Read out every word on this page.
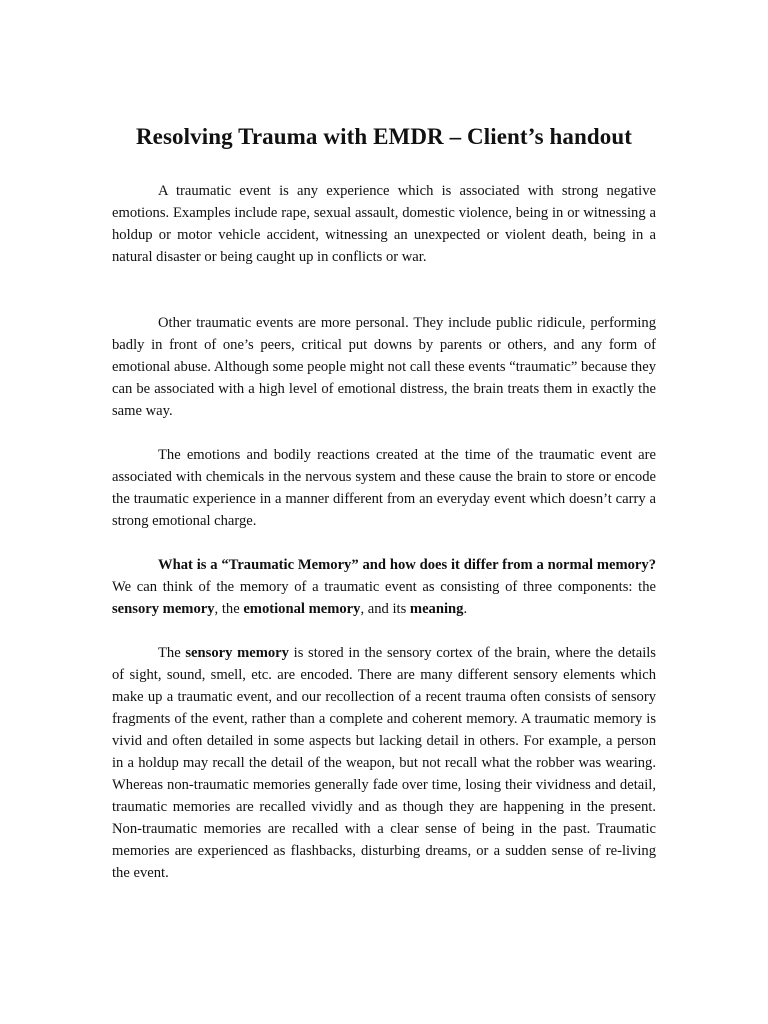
Resolving Trauma with EMDR – Client’s handout

A traumatic event is any experience which is associated with strong negative emotions. Examples include rape, sexual assault, domestic violence, being in or witnessing a holdup or motor vehicle accident, witnessing an unexpected or violent death, being in a natural disaster or being caught up in conflicts or war.

Other traumatic events are more personal. They include public ridicule, performing badly in front of one’s peers, critical put downs by parents or others, and any form of emotional abuse. Although some people might not call these events “traumatic” because they can be associated with a high level of emotional distress, the brain treats them in exactly the same way.

The emotions and bodily reactions created at the time of the traumatic event are associated with chemicals in the nervous system and these cause the brain to store or encode the traumatic experience in a manner different from an everyday event which doesn’t carry a strong emotional charge.

What is a “Traumatic Memory” and how does it differ from a normal memory? We can think of the memory of a traumatic event as consisting of three components: the sensory memory, the emotional memory, and its meaning.

The sensory memory is stored in the sensory cortex of the brain, where the details of sight, sound, smell, etc. are encoded. There are many different sensory elements which make up a traumatic event, and our recollection of a recent trauma often consists of sensory fragments of the event, rather than a complete and coherent memory. A traumatic memory is vivid and often detailed in some aspects but lacking detail in others. For example, a person in a holdup may recall the detail of the weapon, but not recall what the robber was wearing. Whereas non-traumatic memories generally fade over time, losing their vividness and detail, traumatic memories are recalled vividly and as though they are happening in the present. Non-traumatic memories are recalled with a clear sense of being in the past. Traumatic memories are experienced as flashbacks, disturbing dreams, or a sudden sense of re-living the event.
